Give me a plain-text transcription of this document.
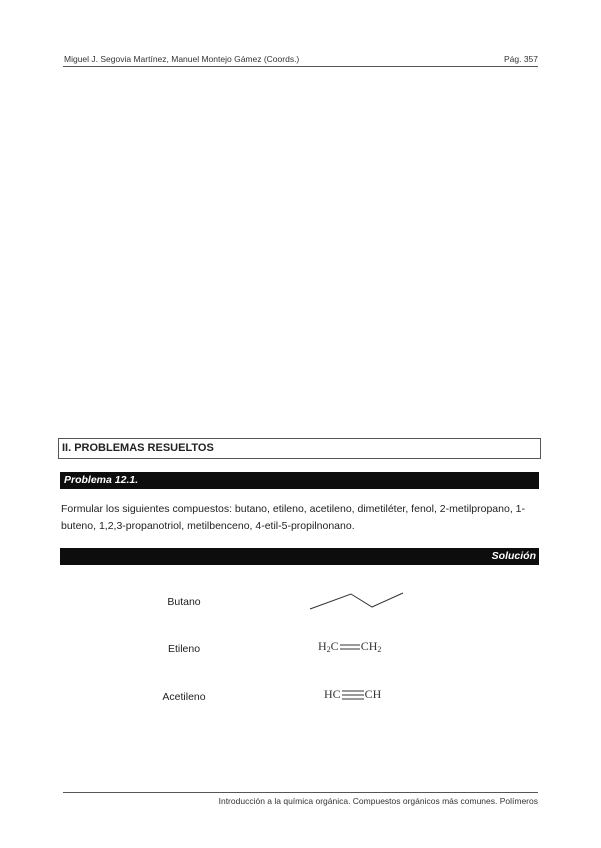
Miguel J. Segovia Martínez, Manuel Montejo Gámez (Coords.)	Pág. 357
II. PROBLEMAS RESUELTOS
Problema 12.1.
Formular los siguientes compuestos: butano, etileno, acetileno, dimetiléter, fenol, 2-metilpropano, 1-buteno, 1,2,3-propanotriol, metilbenceno, 4-etil-5-propilnonano.
Solución
Butano
Etileno	$H_2C$ $CH_2$
Acetileno	HC CH
Introducción a la química orgánica. Compuestos orgánicos más comunes. Polímeros
